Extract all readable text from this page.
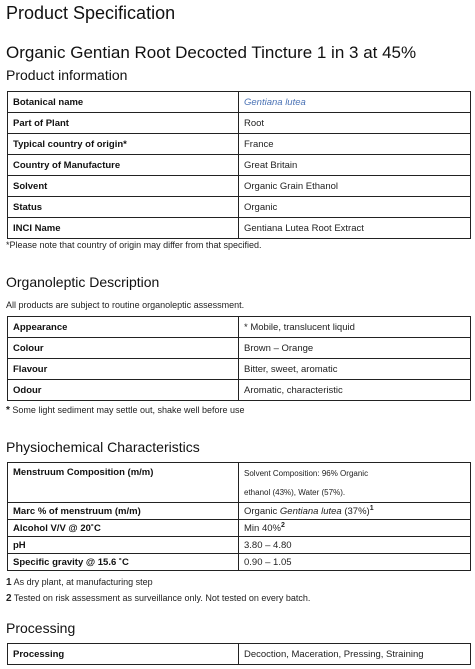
Product Specification
Organic Gentian Root Decocted Tincture 1 in 3 at 45%
Product information
Botanical name	Gentiana lutea
Part of Plant	Root
Typical country of origin*	France
Country of Manufacture	Great Britain
Solvent	Organic Grain Ethanol
Status	Organic
INCI Name	Gentiana Lutea Root Extract
*Please note that country of origin may differ from that specified.
Organoleptic Description
All products are subject to routine organoleptic assessment.
Appearance	* Mobile, translucent liquid
Colour	Brown – Orange
Flavour	Bitter, sweet, aromatic
Odour	Aromatic, characteristic
* Some light sediment may settle out, shake well before use
Physiochemical Characteristics
Menstruum Composition (m/m)	Solvent Composition: 96% Organic
ethanol (43%), Water (57%).

Marc % of menstruum (m/m)	Organic Gentiana lutea $(37\%)^1$
Alcohol V/V @ 20˚C	Min 40%$^2$
pH	3.80 – 4.80
Specific gravity @ 15.6 ˚C	0.90 – 1.05
1 As dry plant, at manufacturing step
2 Tested on risk assessment as surveillance only. Not tested on every batch.
Processing
Processing	Decoction, Maceration, Pressing, Straining
